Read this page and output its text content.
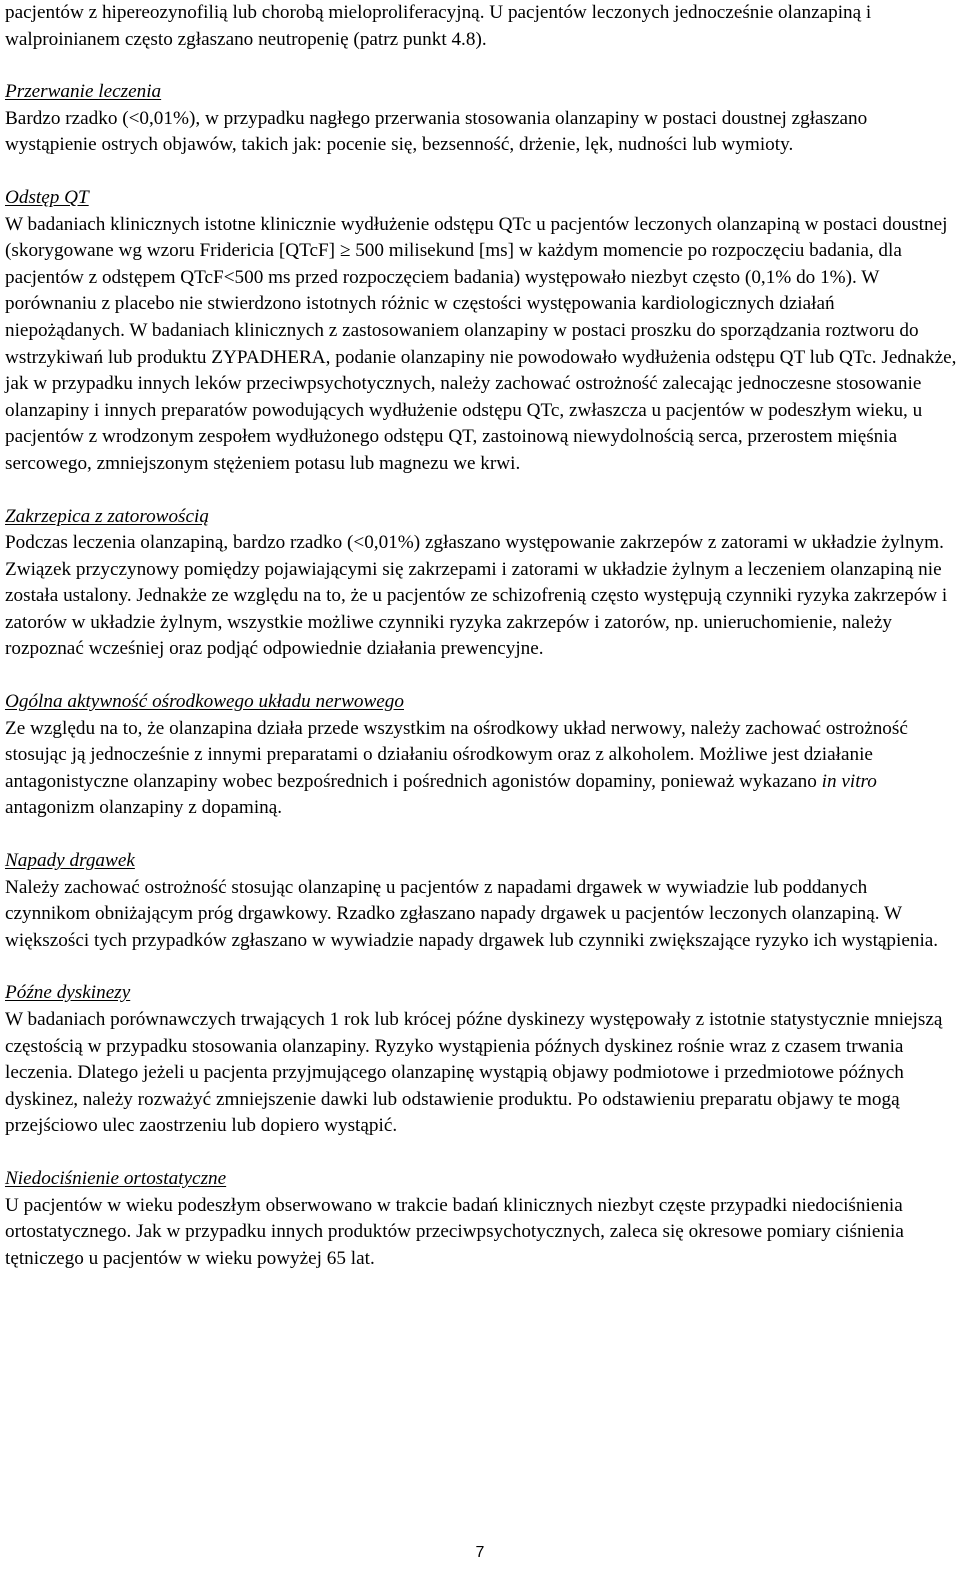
pacjentów z hipereozynofilią lub chorobą mieloproliferacyjną. U pacjentów leczonych jednocześnie olanzapiną i walproinianem często zgłaszano neutropenię (patrz punkt 4.8).

Przerwanie leczenia

Bardzo rzadko (<0,01%), w przypadku nagłego przerwania stosowania olanzapiny w postaci doustnej zgłaszano wystąpienie ostrych objawów, takich jak: pocenie się, bezsenność, drżenie, lęk, nudności lub wymioty.

Odstęp QT

W badaniach klinicznych istotne klinicznie wydłużenie odstępu QTc u pacjentów leczonych olanzapiną w postaci doustnej (skorygowane wg wzoru Fridericia [QTcF] ≥ 500 milisekund [ms] w każdym momencie po rozpoczęciu badania, dla pacjentów z odstępem QTcF<500 ms przed rozpoczęciem badania) występowało niezbyt często (0,1% do 1%). W porównaniu z placebo nie stwierdzono istotnych różnic w częstości występowania kardiologicznych działań niepożądanych. W badaniach klinicznych z zastosowaniem olanzapiny w postaci proszku do sporządzania roztworu do wstrzykiwań lub produktu ZYPADHERA, podanie olanzapiny nie powodowało wydłużenia odstępu QT lub QTc. Jednakże, jak w przypadku innych leków przeciwpsychotycznych, należy zachować ostrożność zalecając jednoczesne stosowanie olanzapiny i innych preparatów powodujących wydłużenie odstępu QTc, zwłaszcza u pacjentów w podeszłym wieku, u pacjentów z wrodzonym zespołem wydłużonego odstępu QT, zastoinową niewydolnością serca, przerostem mięśnia sercowego, zmniejszonym stężeniem potasu lub magnezu we krwi.

Zakrzepica z zatorowością

Podczas leczenia olanzapiną, bardzo rzadko (<0,01%) zgłaszano występowanie zakrzepów z zatorami w układzie żylnym. Związek przyczynowy pomiędzy pojawiającymi się zakrzepami i zatorami w układzie żylnym a leczeniem olanzapiną nie została ustalony. Jednakże ze względu na to, że u pacjentów ze schizofrenią często występują czynniki ryzyka zakrzepów i zatorów w układzie żylnym, wszystkie możliwe czynniki ryzyka zakrzepów i zatorów, np. unieruchomienie, należy rozpoznać wcześniej oraz podjąć odpowiednie działania prewencyjne.

Ogólna aktywność ośrodkowego układu nerwowego

Ze względu na to, że olanzapina działa przede wszystkim na ośrodkowy układ nerwowy, należy zachować ostrożność stosując ją jednocześnie z innymi preparatami o działaniu ośrodkowym oraz z alkoholem. Możliwe jest działanie antagonistyczne olanzapiny wobec bezpośrednich i pośrednich agonistów dopaminy, ponieważ wykazano in vitro antagonizm olanzapiny z dopaminą.

Napady drgawek

Należy zachować ostrożność stosując olanzapinę u pacjentów z napadami drgawek w wywiadzie lub poddanych czynnikom obniżającym próg drgawkowy. Rzadko zgłaszano napady drgawek u pacjentów leczonych olanzapiną. W większości tych przypadków zgłaszano w wywiadzie napady drgawek lub czynniki zwiększające ryzyko ich wystąpienia.

Późne dyskinezy

W badaniach porównawczych trwających 1 rok lub krócej późne dyskinezy występowały z istotnie statystycznie mniejszą częstością w przypadku stosowania olanzapiny. Ryzyko wystąpienia późnych dyskinez rośnie wraz z czasem trwania leczenia. Dlatego jeżeli u pacjenta przyjmującego olanzapinę wystąpią objawy podmiotowe i przedmiotowe późnych dyskinez, należy rozważyć zmniejszenie dawki lub odstawienie produktu. Po odstawieniu preparatu objawy te mogą przejściowo ulec zaostrzeniu lub dopiero wystąpić.

Niedociśnienie ortostatyczne

U pacjentów w wieku podeszłym obserwowano w trakcie badań klinicznych niezbyt częste przypadki niedociśnienia ortostatycznego. Jak w przypadku innych produktów przeciwpsychotycznych, zaleca się okresowe pomiary ciśnienia tętniczego u pacjentów w wieku powyżej 65 lat.

7
